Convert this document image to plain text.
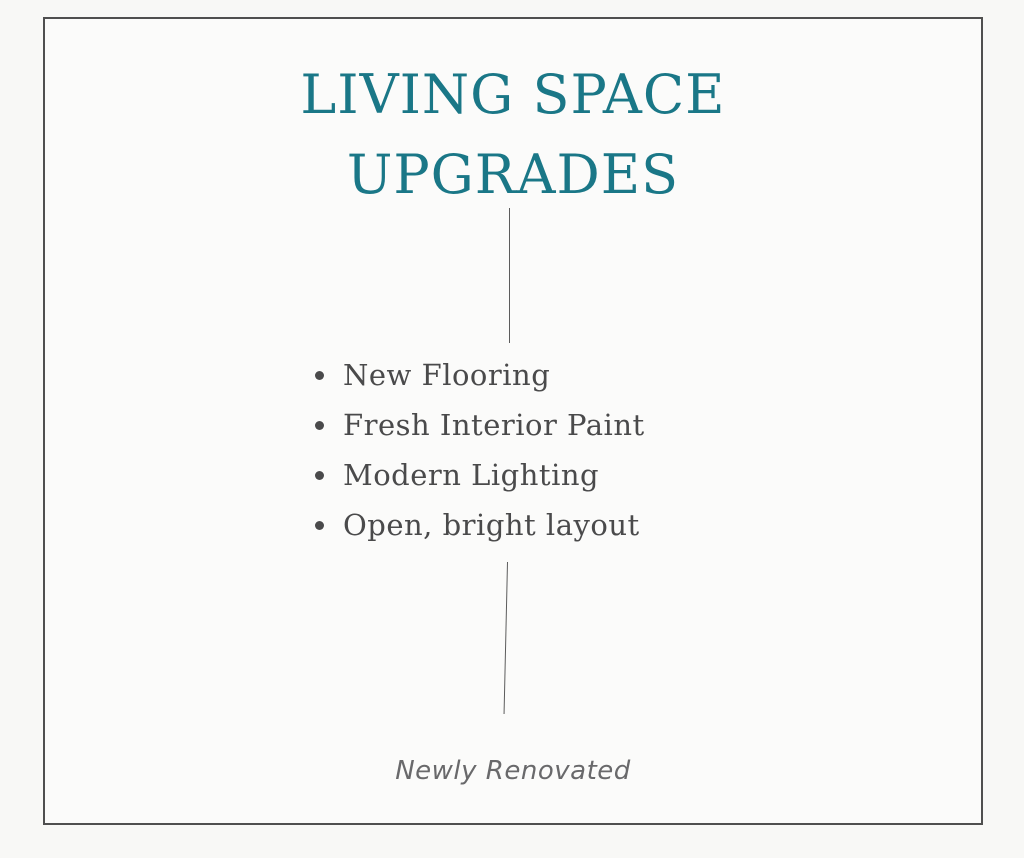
LIVING SPACE
UPGRADES
New Flooring
Fresh Interior Paint
Modern Lighting
Open, bright layout
Newly Renovated
